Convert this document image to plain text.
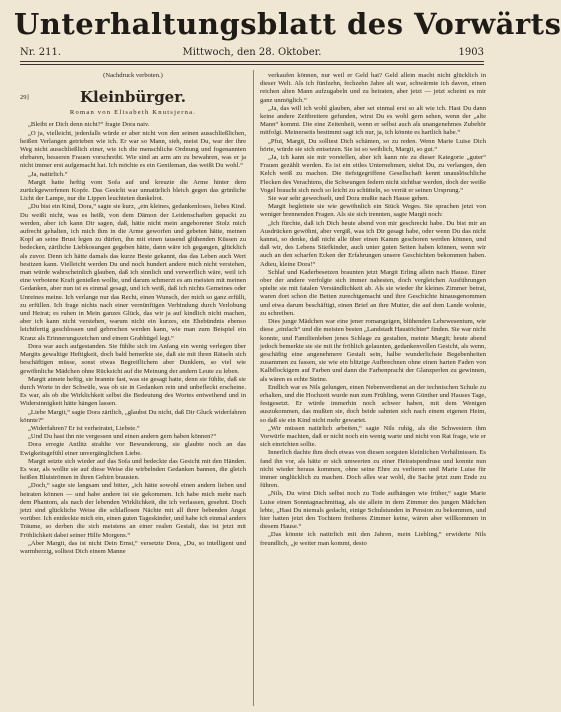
Unterhaltungsblatt des Vorwärts
Nr. 211.	Mittwoch, den 28. Oktober.	1903
(Nachdruck verboten.)
29]	Kleinbürger.
Roman von Elisabeth Knutsjerna.

„Bleibt er Dich denn nicht?“ fragte Dora naiv.

„O ja, vielleicht, jedenfalls würde er aber nicht von den seinen ausschließlichen, heißen Verlangen getrieben wie ich. Er war so Mann, sieh, meist Du, war der ihre Weg nicht ausschließlich einer, wie ich die menschliche Ordnung und fogenannten ehrbaren, besseren Frauen vorschreibt. Wie sind an arm am zu bewahren, was er ja nicht immer erst aufgemacht hat. Ich möchte es ein Gentleman, das weißt Du wohl.“

„Ja, natürlich.“

Margit hatte heftig vom Sofa auf und kreuzte die Arme hinter dem zurückgeworfenen Kopfe. Das Gesicht war unnatürlich bleich gegen das grünliche Licht der Lampe, nur die Lippen leuchteten dunkelrot.

„Du bist ein Kind, Dora,“ sagte sie kurz, „ein kleines, gedankenloses, liebes Kind. Du weißt nicht, was es heißt, von dem Dämon der Leidenschaften gepackt zu werden, aber ich kann Dir sagen, daß, hätte nicht mein angeborener Stolz mich aufrecht gehalten, ich mich ihm in die Arme geworfen und gebeten hätte, meinen Kopf an seine Brust legen zu dürfen, ihn mit einen tausend glühenden Küssen zu bedecken, zärtliche Liebkosungen gegeben hätte, dann wäre ich gegangen, glücklich als zuvor. Denn ich hätte damals das kurze Beste gekannt, das das Leben auch Wert besitzen kann. Vielleicht werden Du und noch hundert andere mich nicht verstehen, man würde wahrscheinlich glauben, daß ich sinnlich und verwerflich wäre, weil ich eine verbotene Kraft genießen wollte, und darum schmerzt es am meisten mit meinen Gedanken, aber nun ist es einmal gesagt, und ich weiß, daß ich nichts Gemeines oder Unreines meine. Ich verlange nur das Recht, einen Wunsch, der mich so ganz erfüllt, zu erfüllen. Ich frage nichts nach einer vernünftigen Verbindung durch Verlobung und Heirat; es ruhen in Mein ganzes Glück, das wir ja auf kindlich nicht machen, aber ich kann nicht verstehen, warum nicht ein kurzes, ein Ehebündnis ebenso leichtfertig geschlossen und gebrochen werden kann, wie man zum Beispiel ein Kranz als Erinnerungszeichen und einem Grabhügel legt.“

Dora war auch aufgestanden. Sie fühlte sich im Anfang ein wenig verlegen über Margits gewaltige Heftigkeit, doch bald bemerkte sie, daß sie mit ihren Rätseln sich beschäftigen müsse, sonst etwas Begreiflichem aber Dunklem, so viel wie gewöhnliche Mädchen ohne Rücksicht auf die Meinung der andern Leute zu leben.

Margit atmete heftig, sie brannte fast, was sie gesagt hatte, denn sie fühlte, daß sie durch Worte in der Schwüle, was ob sie in Gedanken rein und unbefleckt erscheine. Es war, als ob die Wirklichkeit selbst die Bedeutung des Wortes entweihend und in Widersinnigkeit hätte hängen lassen.

„Liebe Margit,“ sagte Dora zärtlich, „glaubst Du nicht, daß Dir Gluck widerfahren könnte?“

„Widerfahren? Er ist verheiratet, Liebste.“

„Und Du hast ihn nie vergessen und einen andern gern haben können?“

Dora erregte Antlitz strahlte vor Bewunderung, sie glaubte noch an das Ewigkeitsgefühl einer unvergänglichen Liebe.

Margit setzte sich wieder auf das Sofa und bedeckte das Gesicht mit den Händen. Es war, als wollte sie auf diese Weise die wirbelnden Gedanken bannen, die gleich heißen Blutströmen in ihren Gehirn brausten.

„Doch,“ sagte sie langsam und bitter, „ich hätte sowohl einen andern lieben und heiraten können — und habe andere ist sie gekommen. Ich habe mich mehr nach dem Phantom, als nach der lebenden Wirklichkeit, die ich verlassen, gesehnt. Doch jetzt sind glückliche Weise die schlaflosen Nächte mit all ihrer bebenden Angst vorüber. Ich entdeckte mich ein, einen guten Tageskinder, und habe ich einmal anders Träume, so derben die sich meistens an einer realen Gestalt, das ist jetzt mit Fröhlichkeit dabei seiner Hilfe Morgens.“

„Aber Margit, das ist nicht Dein Ernst,“ versetzte Dora, „Du, so intelligent und warmherzig, solltest Dich einem Manne

verkaufen können, nur weil er Geld hat? Geld allein macht nicht glücklich in dieser Welt. Als ich fünfzehn, fechzehn Jahre alt war, schwärmte ich davon, einen reichen alten Mann aufzugabeln und zu heiraten, aber jetzt — jetzt scheint es mir ganz unmöglich.“

„Ja, das will ich wohl glauben, aber sei einmal erst so alt wie ich. Hast Du dann keine andere Zeitbreitere gefunden, wirst Du es wohl gern sehen, wenn der „alte Mann“ kommt. Die eine Zeitenheit, wenn er selbst auch als unangenehmes Zubehör mitfolgt. Meinerseits bestimmt sagt ich nur, ja, ich könnte es hartlich habe.“

„Pfui, Margit, Du solltest Dich schämen, so zu reden. Wenn Marie Luise Dich hörte, würde sie sich entsetzen. Sie ist so weiblich, Margit, so gut.“

„Ja, ich kann sie mir vorstellen, aber ich kann nie zu dieser Kategorie „guter“ Frauen gezählt werden. Es ist ein eitles Unternehmen, siehst Du, zu verlangen, den Kelch weiß zu machen. Die tiefstgegriffene Gesellschaft kennt unauslöschliche Flecken des Verachtens, die Schwungen federn nicht sichtbar werden, doch der weiße Vogel braucht sich noch so leicht zu schütteln, so verrät er seinen Ursprung.“

Sie war sehr gewechselt, und Dora mußte nach Hause gehen.

Margit begleitete sie wie gewöhnlich ein Stück Weges. Sie sprachen jetzt von weniger brennenden Fragen. Als sie sich trennten, sagte Margit noch:

„Ich fürchte, daß ich Dich heute abend von mir geschreckt habe. Du bist mir an Ausdrücken gewöhnt, aber vergiß, was ich Dir gesagt habe, oder wenn Du das nicht kannst, so denke, daß nicht alle über einen Kamm geschoren werden können, und daß wir, des Lebens Stiefkinder, auch unter guten Seiten haben können, wenn wir auch an den scharfen Ecken der Erfahrungen unsere Geschichten bekommen haben. Adieu, kleine Dora!“

Schlaf und Kaderbesetzen braunten jetzt Margit Erling allein nach Hause. Einer ober der andere verfolgte sich immer nahesten, doch vergleichen Ausführungen spielte sie mit fatalen Verständlichkeit ab. Als sie wieder ihr kleines Zimmer betrat, waren dort schon die Betten zurechtgemacht und ihre Geschichte hinausgenommen und etwa darum beschäftigt, einen Brief an ihre Mutter, die auf dem Lande wohnte, zu schreiben.

Dies junge Mädchen war eine jener romangeigen, blühenden Lebewesentum, wie diese „einfach“ und die meisten besten „Landstadt Haustöchter“ finden. Sie war nicht konnte, und Familienleben jenes Schlage zu gestalten, meinte Margit; heute abend jedoch bemerkte sie sie mit ihr fröhlich gelaunten, gedankenvollen Gesicht, als wenn, geschäftig eine angenehmere Gestalt sein, halbe wunderlichste Begebenheiten zusammen zu fassen, sie wie ein blitzige Aufbrechnen ohne einen harten Faden von Kalbflockigem auf Farben und dann die Farbenpracht der Glanzperlen zu gewinnen, als wären es echte Steine.

Endlich war es Nils gelungen, einen Nebenverdienst an der technischen Schule zu erhalten, und die Hochzeit wurde nun zum Frühling, wenn Günther und Hauses Tage, festgesetzt. Er würde immerhin noch schwer haben, mit dem Wenigen auszukommen, das mußten sie, doch beide sahnten sich nach einem eigenen Heim, so daß sie ein Kind nicht mehr gewartet.

„Wir müssen natürlich arbeiten,“ sagte Nils ruhig, als die Schwestern ihm Vorwürfe machten, daß er nicht noch ein wenig warte und nicht von Rat frage, wie er sich einrichten sollte.

Innerlich dachte ihm doch etwas von diesen sorgsten kleinlichen Verhältnissen. Es fand ihn vor, als hätte er sich umwerten zu einer Heiratspendruse und konnte nun nicht wieder heraus kommen, ohne seine Ehre zu verlieren und Marie Luise für immer unglücklich zu machen. Doch alles war wohl, die Sache jetzt zum Ende zu führen.

„Nils, Du wirst Dich selbst noch zu Tode aufhängen wie früher,“ sagte Marie Luise einen Sonntagnachmittag, als sie allein in dem Zimmer des jungen Mädchen lebte, „Hast Du niemals gedacht, einige Schulstunden in Pension zu bekommen, und hier hatten jetzt den Tochtern freiheres Zimmer keine, wären aber willkommen in diesem Hause.“

„Das könnte ich natürlich mit den Jahren, mein Liebling,“ erwiderte Nils freundlich, „je weiter man kommt, desto
